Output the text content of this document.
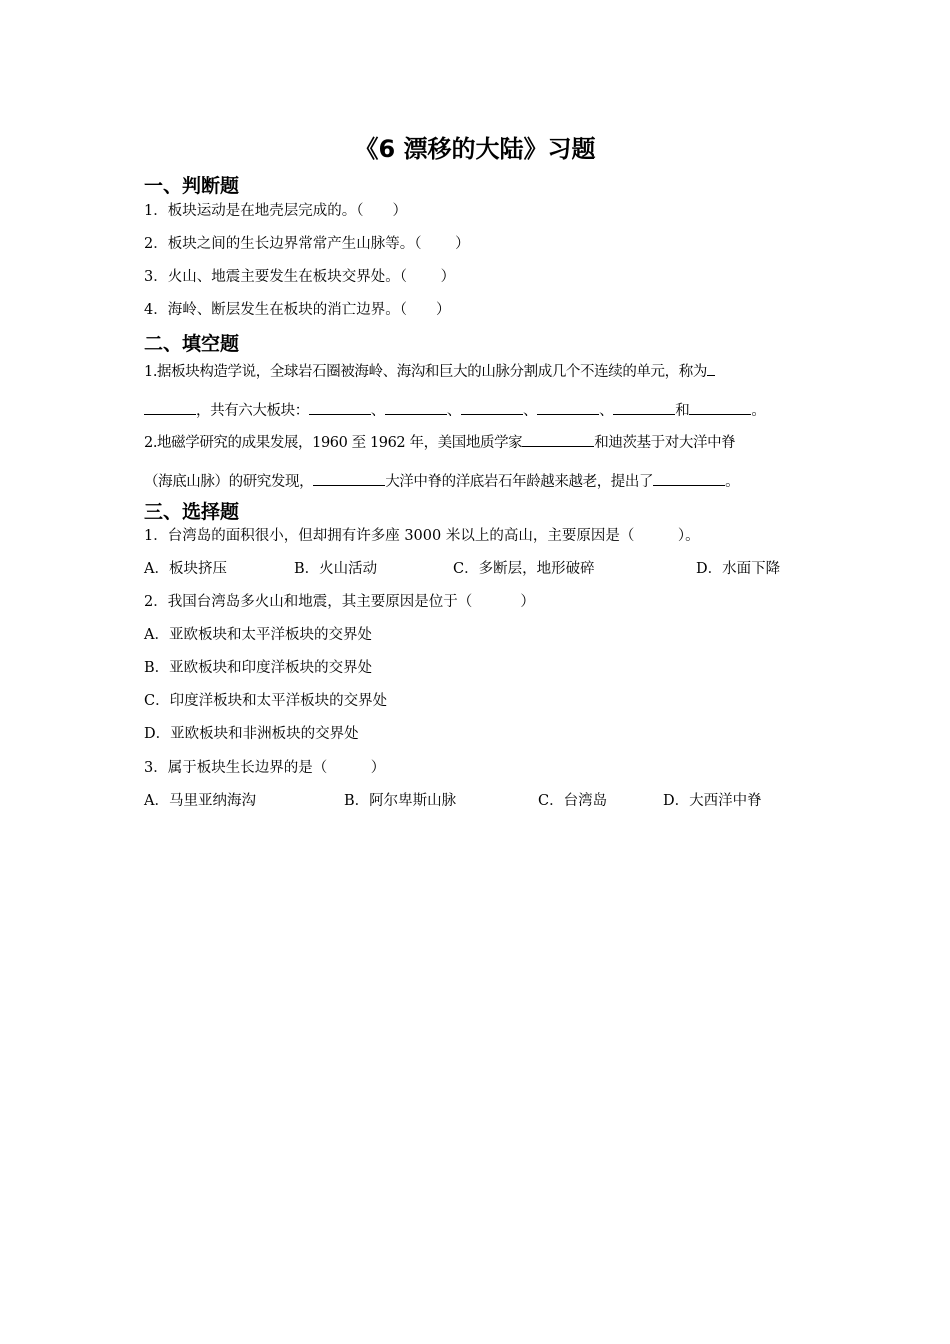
《6 漂移的大陆》习题
一、判断题
1．板块运动是在地壳层完成的。（　　）
2．板块之间的生长边界常常产生山脉等。（　　 ）
3．火山、地震主要发生在板块交界处。（　　 ）
4．海岭、断层发生在板块的消亡边界。（　　）
二、填空题
1.据板块构造学说，全球岩石圈被海岭、海沟和巨大的山脉分割成几个不连续的单元，称为
，共有六大板块：	、	、	、	、	和	。
2.地磁学研究的成果发展，1960 至 1962 年，美国地质学家	和迪茨基于对大洋中脊
（海底山脉）的研究发现，	大洋中脊的洋底岩石年龄越来越老，提出了	。
三、选择题
1．台湾岛的面积很小，但却拥有许多座 3000 米以上的高山，主要原因是（　　　）。
A．板块挤压	B．火山活动	C．多断层，地形破碎	D．水面下降
2．我国台湾岛多火山和地震，其主要原因是位于（　　　 ）
A．亚欧板块和太平洋板块的交界处
B．亚欧板块和印度洋板块的交界处
C．印度洋板块和太平洋板块的交界处
D．亚欧板块和非洲板块的交界处
3．属于板块生长边界的是（　　　）
A．马里亚纳海沟	B．阿尔卑斯山脉	C．台湾岛	D．大西洋中脊
